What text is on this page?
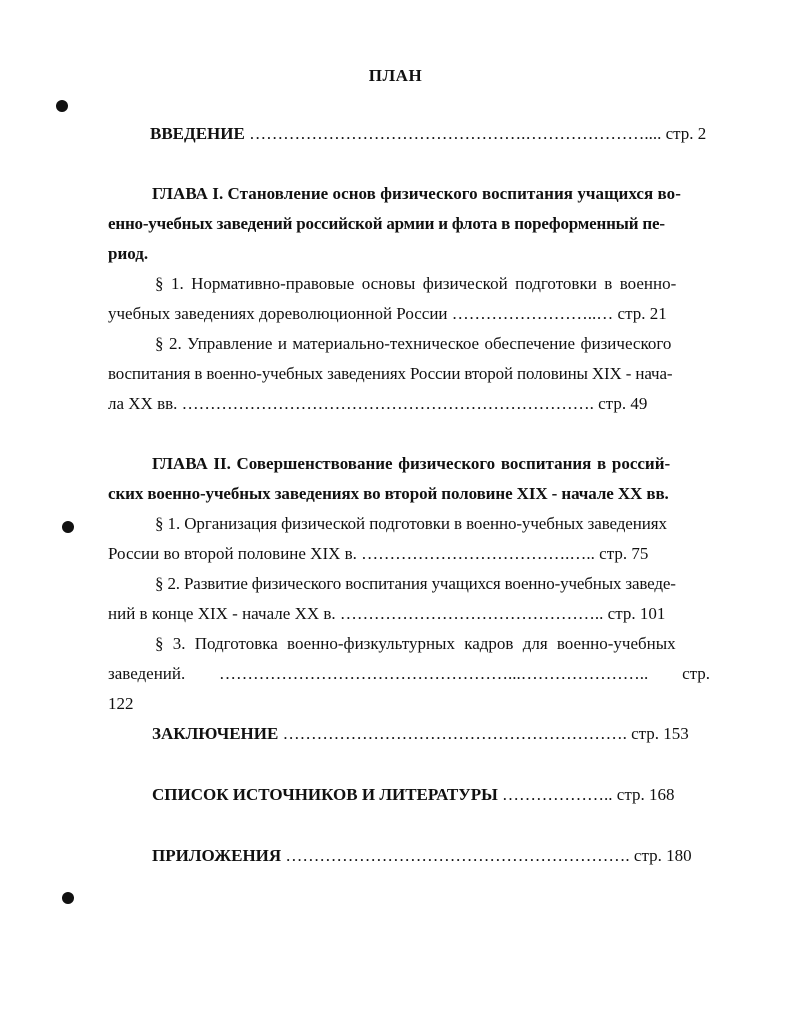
ПЛАН
ВВЕДЕНИЕ ………………………………………….………………….... стр. 2
ГЛАВА I. Становление основ физического воспитания учащихся во-
енно-учебных заведений российской армии и флота в пореформенный пе-
риод.
§ 1. Нормативно-правовые основы физической подготовки в военно-
учебных заведениях дореволюционной России ……………………..… стр. 21
§ 2. Управление и материально-техническое обеспечение физического
воспитания в военно-учебных заведениях России второй половины XIX - нача-
ла XX вв. ………………………………………………………………. стр. 49
ГЛАВА II. Совершенствование физического воспитания в россий-
ских военно-учебных заведениях во второй половине XIX - начале XX вв.
§ 1. Организация физической подготовки в военно-учебных заведениях
России во второй половине XIX в. ……………………………….….. стр. 75
§ 2. Развитие физического воспитания учащихся военно-учебных заведе-
ний в конце XIX - начале XX в. ……………………………………….. стр. 101
§ 3. Подготовка военно-физкультурных кадров для военно-учебных
заведений. ……………………………………………...………………….. стр.
122
ЗАКЛЮЧЕНИЕ ……………………………………………………. стр. 153
СПИСОК ИСТОЧНИКОВ И ЛИТЕРАТУРЫ ……………….. стр. 168
ПРИЛОЖЕНИЯ ……………………………………………………. стр. 180
